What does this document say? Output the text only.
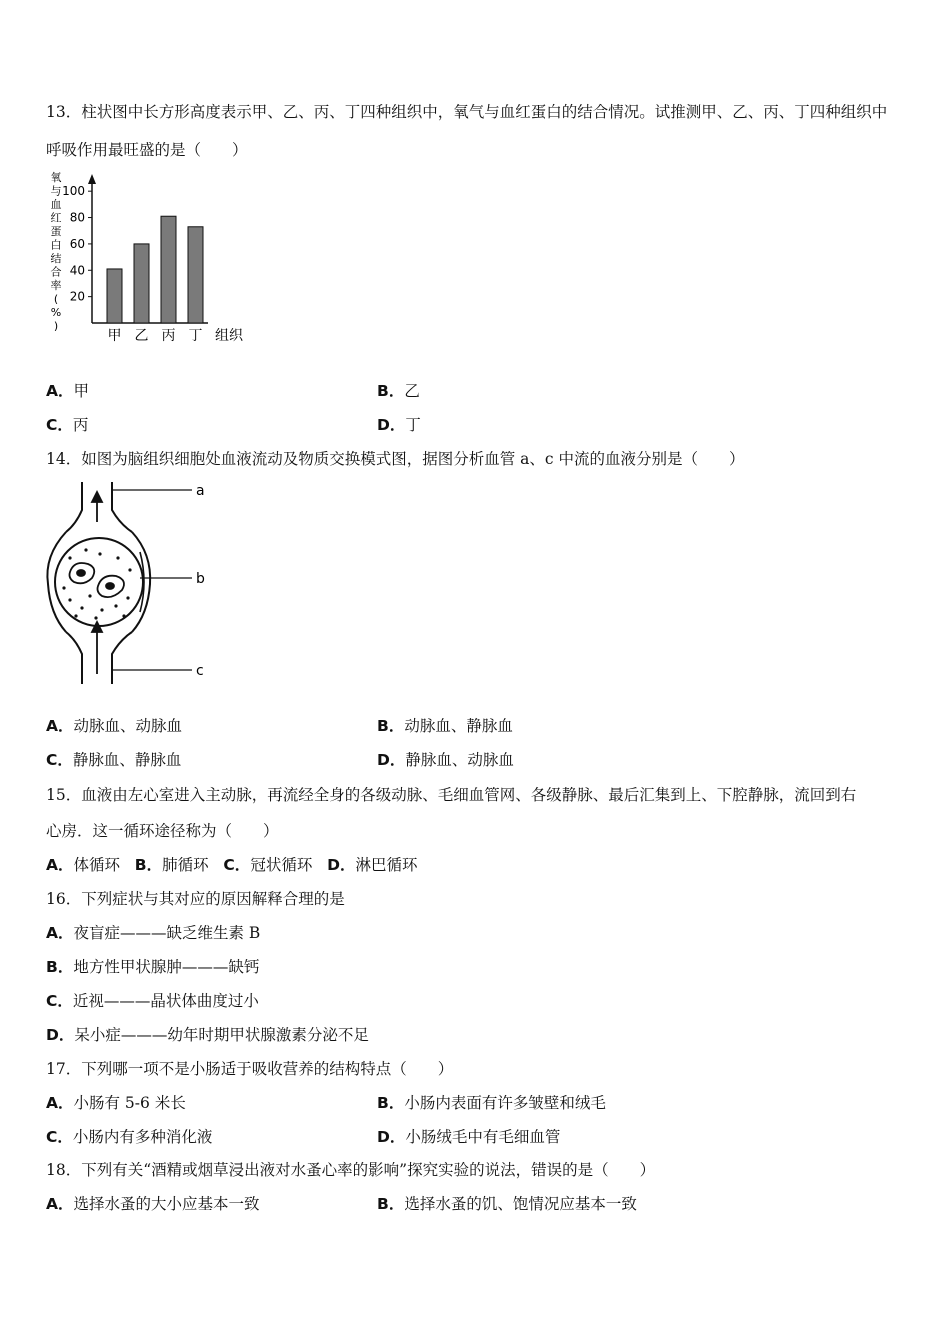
13．柱状图中长方形高度表示甲、乙、丙、丁四种组织中，氧气与血红蛋白的结合情况。试推测甲、乙、丙、丁四种组织中
呼吸作用最旺盛的是（　　）
氧
与
血
红
蛋
白
结
合
率
(
%
)
20
40
60
80
100
甲 乙 丙 丁 组织
A．甲	B．乙
C．丙	D．丁
14．如图为脑组织细胞处血液流动及物质交换模式图，据图分析血管 a、c 中流的血液分别是（　　）
a
b
c
A．动脉血、动脉血	B．动脉血、静脉血
C．静脉血、静脉血	D．静脉血、动脉血
15．血液由左心室进入主动脉，再流经全身的各级动脉、毛细血管网、各级静脉、最后汇集到上、下腔静脉，流回到右
心房．这一循环途径称为（　　）
A．体循环 B．肺循环 C．冠状循环 D．淋巴循环
16．下列症状与其对应的原因解释合理的是
A．夜盲症———缺乏维生素 B
B．地方性甲状腺肿———缺钙
C．近视———晶状体曲度过小
D．呆小症———幼年时期甲状腺激素分泌不足
17．下列哪一项不是小肠适于吸收营养的结构特点（　　）
A．小肠有 5-6 米长	B．小肠内表面有许多皱壁和绒毛
C．小肠内有多种消化液	D．小肠绒毛中有毛细血管
18．下列有关“酒精或烟草浸出液对水蚤心率的影响”探究实验的说法，错误的是（　　）
A．选择水蚤的大小应基本一致	B．选择水蚤的饥、饱情况应基本一致
